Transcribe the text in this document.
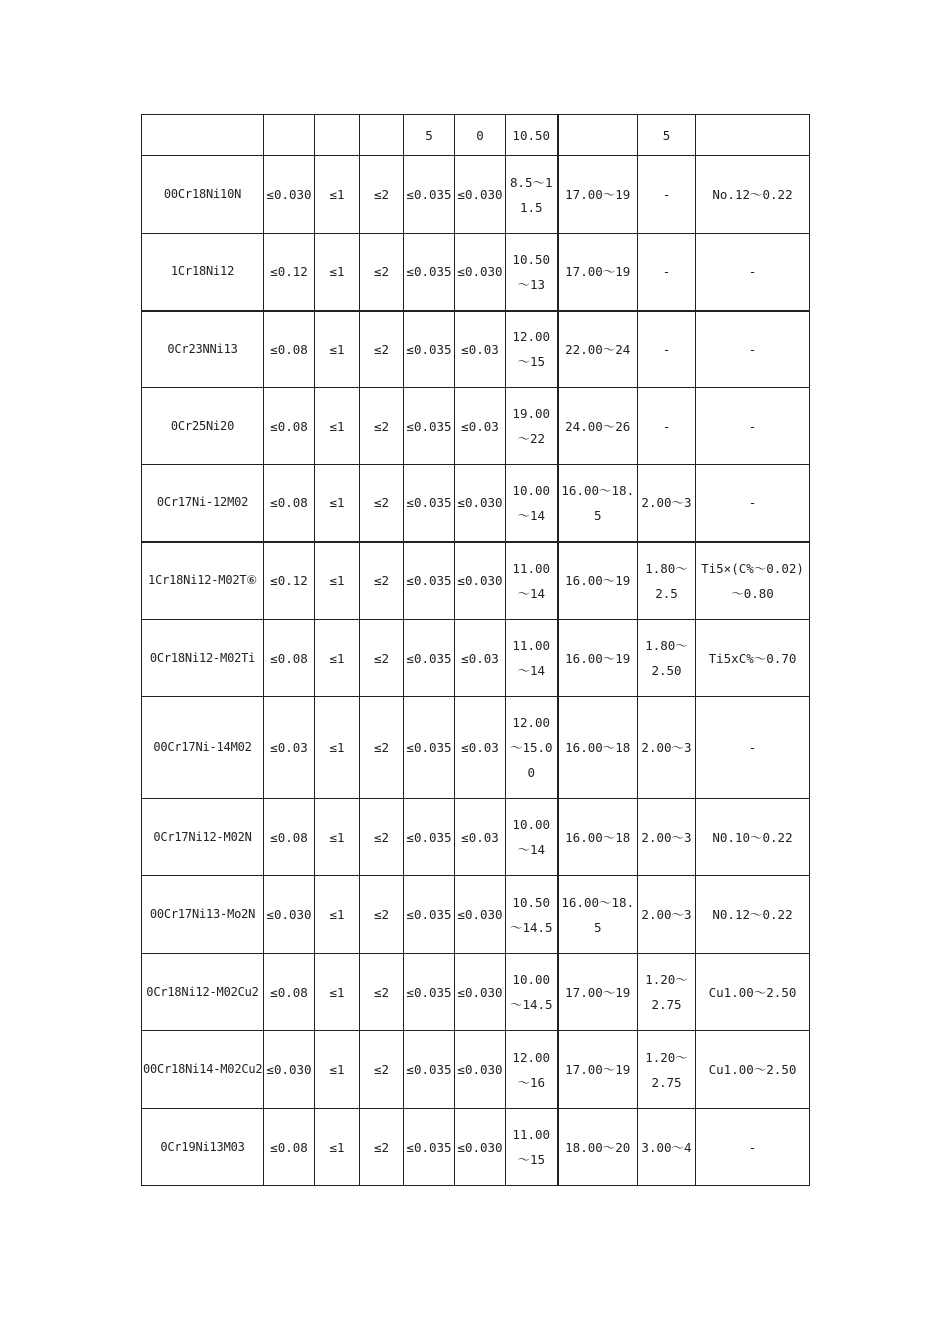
				5	0	10.50		5	
00Cr18Ni10N	≤0.030	≤1	≤2	≤0.035	≤0.030	8.5～11.5	17.00～19	-	No.12～0.22
1Cr18Ni12	≤0.12	≤1	≤2	≤0.035	≤0.030	10.50～13	17.00～19	-	-
0Cr23NNi13	≤0.08	≤1	≤2	≤0.035	≤0.03	12.00～15	22.00～24	-	-
0Cr25Ni20	≤0.08	≤1	≤2	≤0.035	≤0.03	19.00～22	24.00～26	-	-
0Cr17Ni-12M02	≤0.08	≤1	≤2	≤0.035	≤0.030	10.00～14	16.00～18.5	2.00～3	-
1Cr18Ni12-M02T⑥	≤0.12	≤1	≤2	≤0.035	≤0.030	11.00～14	16.00～19	1.80～2.5	Ti5×(C%～0.02)～0.80
0Cr18Ni12-M02Ti	≤0.08	≤1	≤2	≤0.035	≤0.03	11.00～14	16.00～19	1.80～2.50	Ti5xC%～0.70
00Cr17Ni-14M02	≤0.03	≤1	≤2	≤0.035	≤0.03	12.00～15.00	16.00～18	2.00～3	-
0Cr17Ni12-M02N	≤0.08	≤1	≤2	≤0.035	≤0.03	10.00～14	16.00～18	2.00～3	N0.10～0.22
00Cr17Ni13-Mo2N	≤0.030	≤1	≤2	≤0.035	≤0.030	10.50～14.5	16.00～18.5	2.00～3	N0.12～0.22
0Cr18Ni12-M02Cu2	≤0.08	≤1	≤2	≤0.035	≤0.030	10.00～14.5	17.00～19	1.20～2.75	Cu1.00～2.50
00Cr18Ni14-M02Cu2	≤0.030	≤1	≤2	≤0.035	≤0.030	12.00～16	17.00～19	1.20～2.75	Cu1.00～2.50
0Cr19Ni13M03	≤0.08	≤1	≤2	≤0.035	≤0.030	11.00～15	18.00～20	3.00～4	-
